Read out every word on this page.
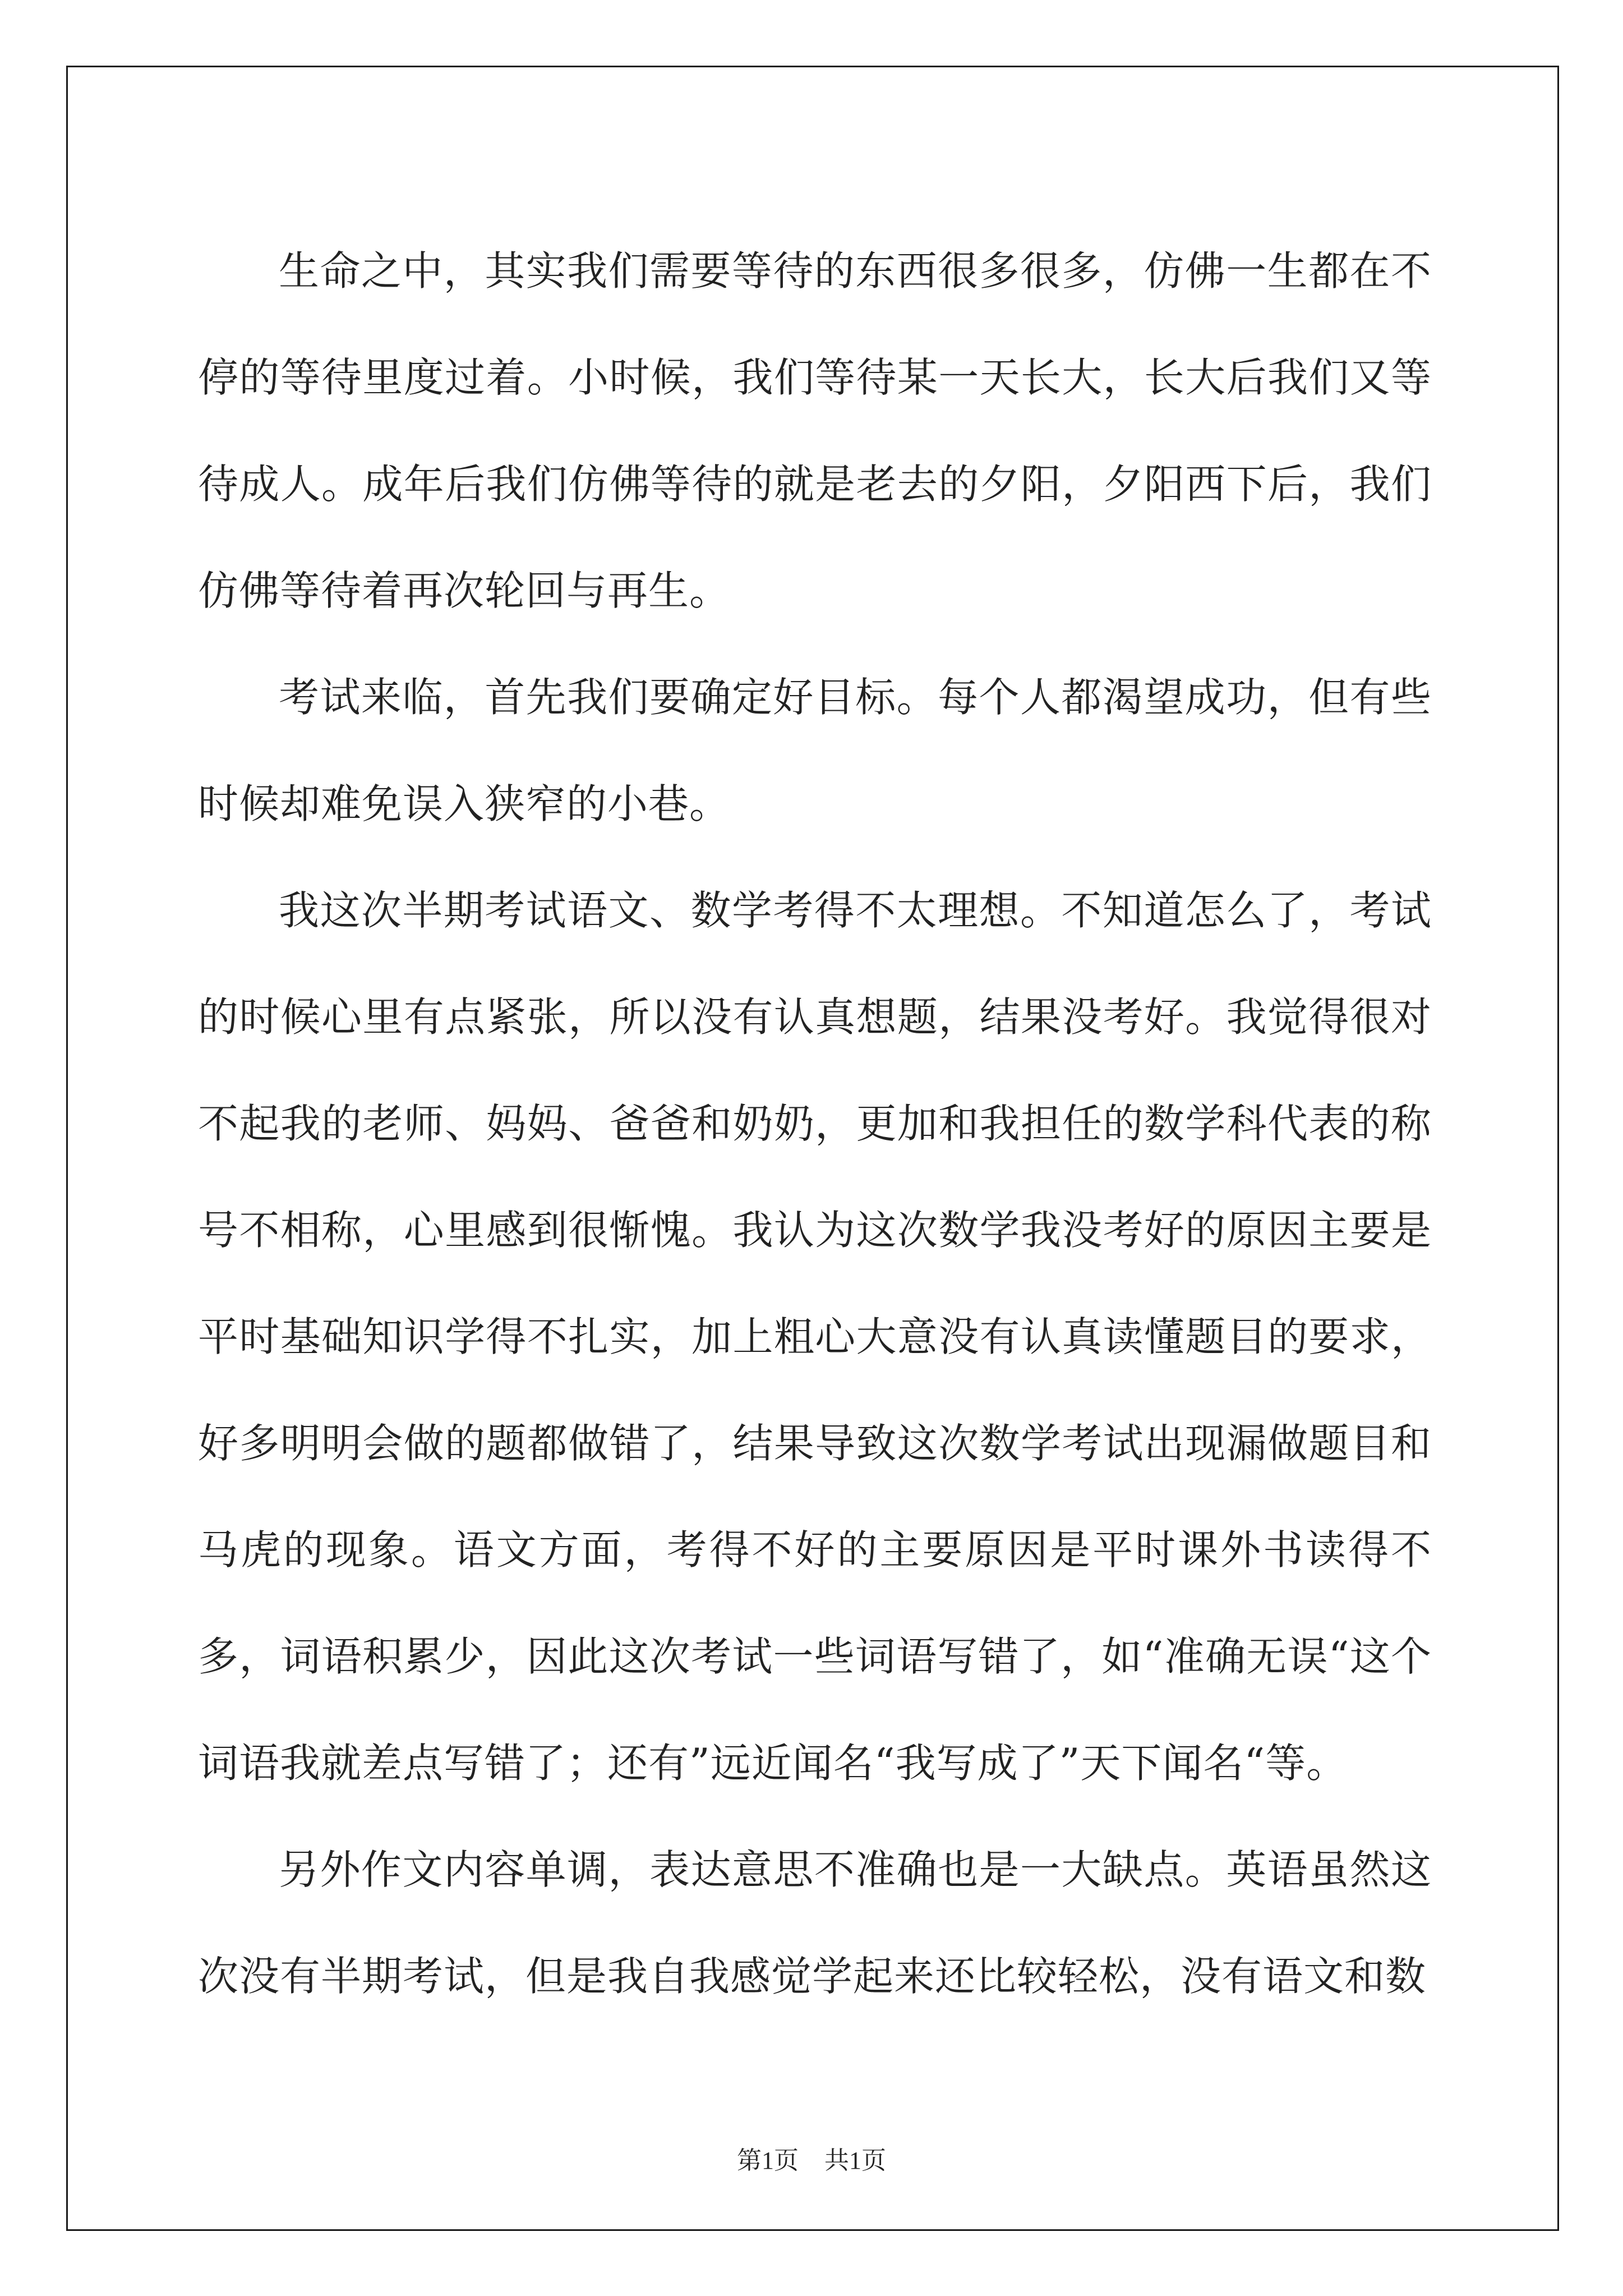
生命之中，其实我们需要等待的东西很多很多，仿佛一生都在不停的等待里度过着。小时候，我们等待某一天长大，长大后我们又等待成人。成年后我们仿佛等待的就是老去的夕阳，夕阳西下后，我们仿佛等待着再次轮回与再生。

考试来临，首先我们要确定好目标。每个人都渴望成功，但有些时候却难免误入狭窄的小巷。

我这次半期考试语文、数学考得不太理想。不知道怎么了，考试的时候心里有点紧张，所以没有认真想题，结果没考好。我觉得很对不起我的老师、妈妈、爸爸和奶奶，更加和我担任的数学科代表的称号不相称，心里感到很惭愧。我认为这次数学我没考好的原因主要是平时基础知识学得不扎实，加上粗心大意没有认真读懂题目的要求，好多明明会做的题都做错了，结果导致这次数学考试出现漏做题目和马虎的现象。语文方面，考得不好的主要原因是平时课外书读得不多，词语积累少，因此这次考试一些词语写错了，如“准确无误“这个词语我就差点写错了；还有”远近闻名“我写成了”天下闻名“等。

另外作文内容单调，表达意思不准确也是一大缺点。英语虽然这次没有半期考试，但是我自我感觉学起来还比较轻松，没有语文和数

第1页 共1页
